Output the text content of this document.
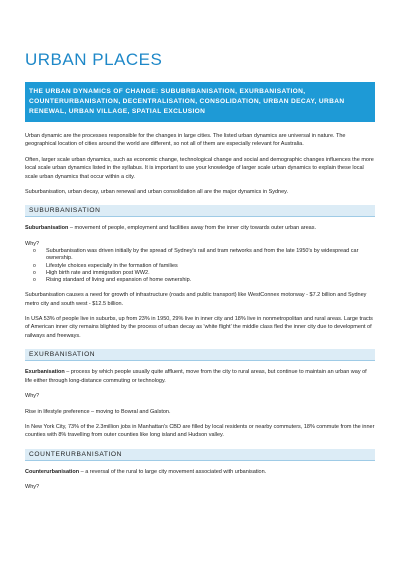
URBAN PLACES
THE URBAN DYNAMICS OF CHANGE: SUBUBRBANISATION, EXURBANISATION, COUNTERURBANISATION, DECENTRALISATION, CONSOLIDATION, URBAN DECAY, URBAN RENEWAL, URBAN VILLAGE, SPATIAL EXCLUSION

Urban dynamic are the processes responsible for the changes in large cities. The listed urban dynamics are universal in nature. The geographical location of cities around the world are different, so not all of them are especially relevant for Australia.

Often, larger scale urban dynamics, such as economic change, technological change and social and demographic changes influences the more local scale urban dynamics listed in the syllabus. It is important to use your knowledge of larger scale urban dynamics to explain these local scale urban dynamics that occur within a city.

Suburbanisation, urban decay, urban renewal and urban consolidation all are the major dynamics in Sydney.

SUBURBANISATION

Suburbanisation – movement of people, employment and facilities away from the inner city towards outer urban areas.

Why?

o Suburbanisation was driven initially by the spread of Sydney's rail and tram networks and from the late 1950's by widespread car ownership.
o Lifestyle choices especially in the formation of families
o High birth rate and immigration post WW2.
o Rising standard of living and expansion of home ownership.

Suburbanisation causes a need for growth of infrastructure (roads and public transport) like WestConnex motorway - $7.2 billion and Sydney metro city and south west - $12.5 billion.

In USA 53% of people live in suburbs, up from 23% in 1950, 29% live in inner city and 18% live in nonmetropolitan and rural areas. Large tracts of American inner city remains blighted by the process of urban decay as 'white flight' the middle class fled the inner city due to development of railways and freeways.

EXURBANISATION

Exurbanisation – process by which people usually quite affluent, move from the city to rural areas, but continue to maintain an urban way of life either through long-distance commuting or technology.

Why?

Rise in lifestyle preference – moving to Bowral and Galston.

In New York City, 73% of the 2.3million jobs in Manhattan's CBD are filled by local residents or nearby commuters, 18% commute from the inner counties with 8% travelling from outer counties like long island and Hudson valley.

COUNTERURBANISATION

Counterurbanisation – a reversal of the rural to large city movement associated with urbanisation.

Why?
